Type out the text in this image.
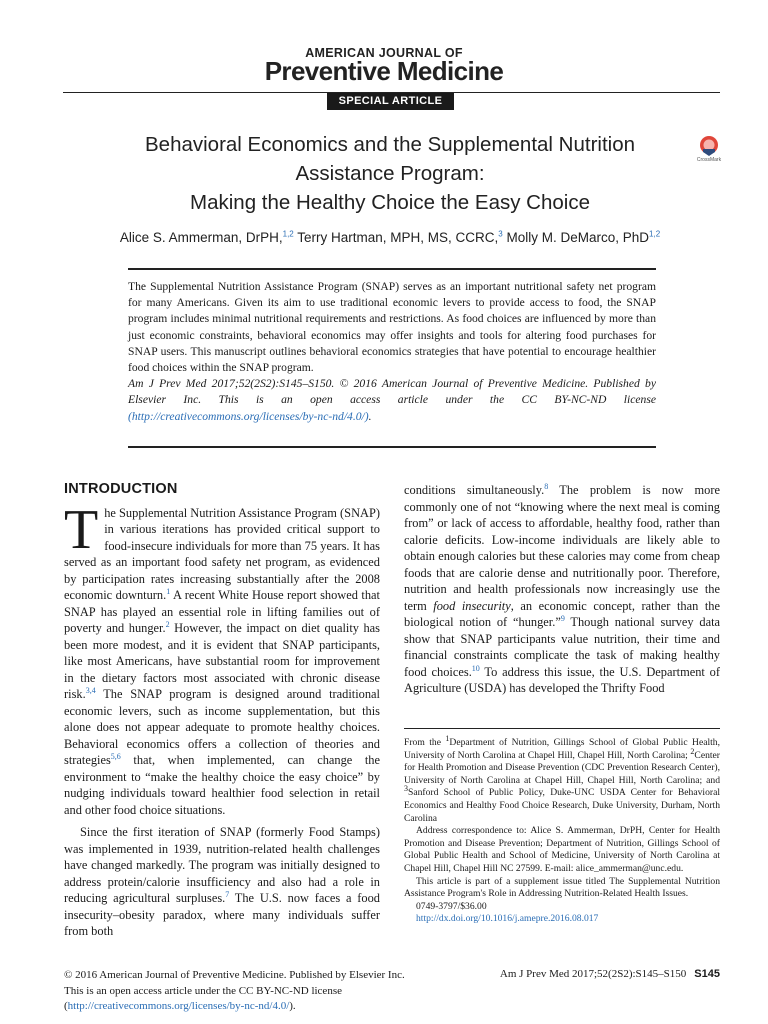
AMERICAN JOURNAL OF
Preventive Medicine
SPECIAL ARTICLE
Behavioral Economics and the Supplemental Nutrition
Assistance Program:
Making the Healthy Choice the Easy Choice
CrossMark
Alice S. Ammerman, DrPH,$^{1,2}$ Terry Hartman, MPH, MS, CCRC,$^3$ Molly M. DeMarco, PhD$^{1,2}$

The Supplemental Nutrition Assistance Program (SNAP) serves as an important nutritional safety net program for many Americans. Given its aim to use traditional economic levers to provide access to food, the SNAP program includes minimal nutritional requirements and restrictions. As food choices are influenced by more than just economic constraints, behavioral economics may offer insights and tools for altering food purchases for SNAP users. This manuscript outlines behavioral economics strategies that have potential to encourage healthier food choices within the SNAP program.

Am J Prev Med 2017;52(2S2):S145–S150. © 2016 American Journal of Preventive Medicine. Published by Elsevier Inc. This is an open access article under the CC BY-NC-ND license (http://creativecommons.org/licenses/by-nc-nd/4.0/).

INTRODUCTION

The Supplemental Nutrition Assistance Program (SNAP) in various iterations has provided critical support to food-insecure individuals for more than 75 years. It has served as an important food safety net program, as evidenced by participation rates increasing substantially after the 2008 economic downturn.$^1$ A recent White House report showed that SNAP has played an essential role in lifting families out of poverty and hunger.$^2$ However, the impact on diet quality has been more modest, and it is evident that SNAP participants, like most Americans, have substantial room for improvement in the dietary factors most associated with chronic disease risk.$^{3,4}$ The SNAP program is designed around traditional economic levers, such as income supplementation, but this alone does not appear adequate to promote healthy choices. Behavioral economics offers a collection of theories and strategies$^{5,6}$ that, when implemented, can change the environment to “make the healthy choice the easy choice” by nudging individuals toward healthier food selection in retail and other food choice situations.

Since the first iteration of SNAP (formerly Food Stamps) was implemented in 1939, nutrition-related health challenges have changed markedly. The program was initially designed to address protein/calorie insufficiency and also had a role in reducing agricultural surpluses.$^7$ The U.S. now faces a food insecurity–obesity paradox, where many individuals suffer from both

conditions simultaneously.$^8$ The problem is now more commonly one of not “knowing where the next meal is coming from” or lack of access to affordable, healthy food, rather than calorie deficits. Low-income individuals are likely able to obtain enough calories but these calories may come from cheap foods that are calorie dense and nutritionally poor. Therefore, nutrition and health professionals now increasingly use the term food insecurity, an economic concept, rather than the biological notion of “hunger.”$^9$ Though national survey data show that SNAP participants value nutrition, their time and financial constraints complicate the task of making healthy food choices.$^{10}$ To address this issue, the U.S. Department of Agriculture (USDA) has developed the Thrifty Food

From the $^1$Department of Nutrition, Gillings School of Global Public Health, University of North Carolina at Chapel Hill, Chapel Hill, North Carolina; $^2$Center for Health Promotion and Disease Prevention (CDC Prevention Research Center), University of North Carolina at Chapel Hill, Chapel Hill, North Carolina; and $^3$Sanford School of Public Policy, Duke-UNC USDA Center for Behavioral Economics and Healthy Food Choice Research, Duke University, Durham, North Carolina

Address correspondence to: Alice S. Ammerman, DrPH, Center for Health Promotion and Disease Prevention; Department of Nutrition, Gillings School of Global Public Health and School of Medicine, University of North Carolina at Chapel Hill, Chapel Hill NC 27599. E-mail: alice_ammerman@unc.edu.

This article is part of a supplement issue titled The Supplemental Nutrition Assistance Program's Role in Addressing Nutrition-Related Health Issues.

0749-3797/$36.00

http://dx.doi.org/10.1016/j.amepre.2016.08.017

© 2016 American Journal of Preventive Medicine. Published by Elsevier Inc.
This is an open access article under the CC BY-NC-ND license (http://creativecommons.org/licenses/by-nc-nd/4.0/).
Am J Prev Med 2017;52(2S2):S145–S150 S145
